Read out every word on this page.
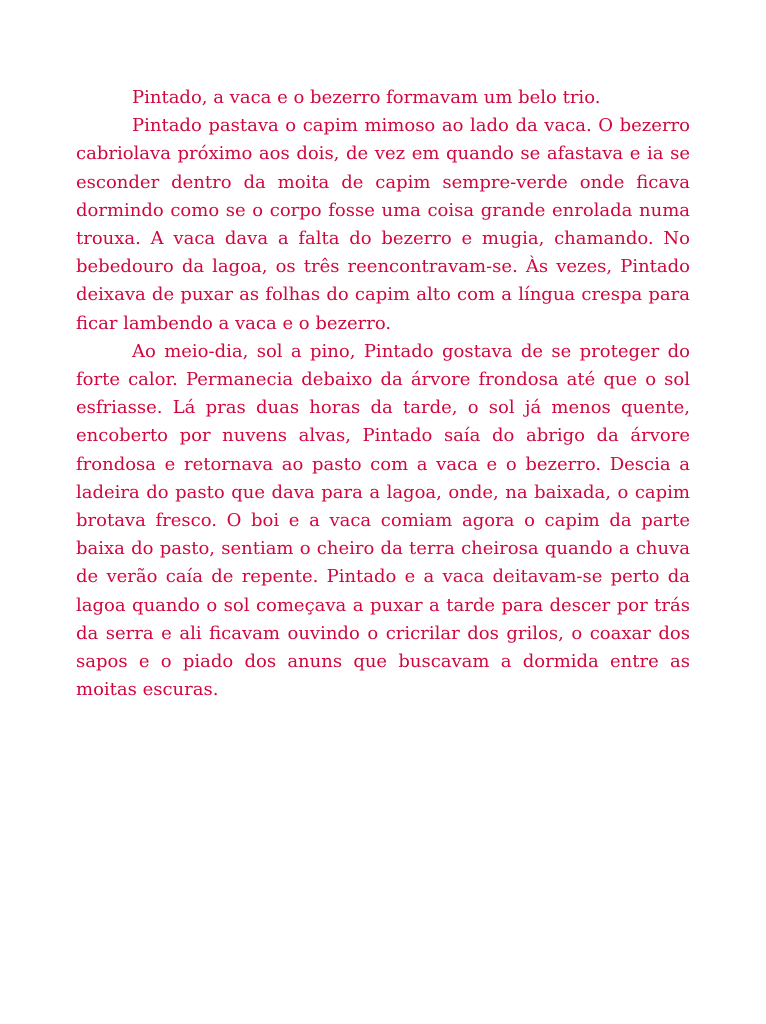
Pintado, a vaca e o bezerro formavam um belo trio.

Pintado pastava o capim mimoso ao lado da vaca. O bezerro cabriolava próximo aos dois, de vez em quando se afastava e ia se esconder dentro da moita de capim sempre-verde onde ficava dormindo como se o corpo fosse uma coisa grande enrolada numa trouxa. A vaca dava a falta do bezerro e mugia, chamando. No bebedouro da lagoa, os três reencontravam-se. Às vezes, Pintado deixava de puxar as folhas do capim alto com a língua crespa para ficar lambendo a vaca e o bezerro.

Ao meio-dia, sol a pino, Pintado gostava de se proteger do forte calor. Permanecia debaixo da árvore frondosa até que o sol esfriasse. Lá pras duas horas da tarde, o sol já menos quente, encoberto por nuvens alvas, Pintado saía do abrigo da árvore frondosa e retornava ao pasto com a vaca e o bezerro. Descia a ladeira do pasto que dava para a lagoa, onde, na baixada, o capim brotava fresco. O boi e a vaca comiam agora o capim da parte baixa do pasto, sentiam o cheiro da terra cheirosa quando a chuva de verão caía de repente. Pintado e a vaca deitavam-se perto da lagoa quando o sol começava a puxar a tarde para descer por trás da serra e ali ficavam ouvindo o cricrilar dos grilos, o coaxar dos sapos e o piado dos anuns que buscavam a dormida entre as moitas escuras.
